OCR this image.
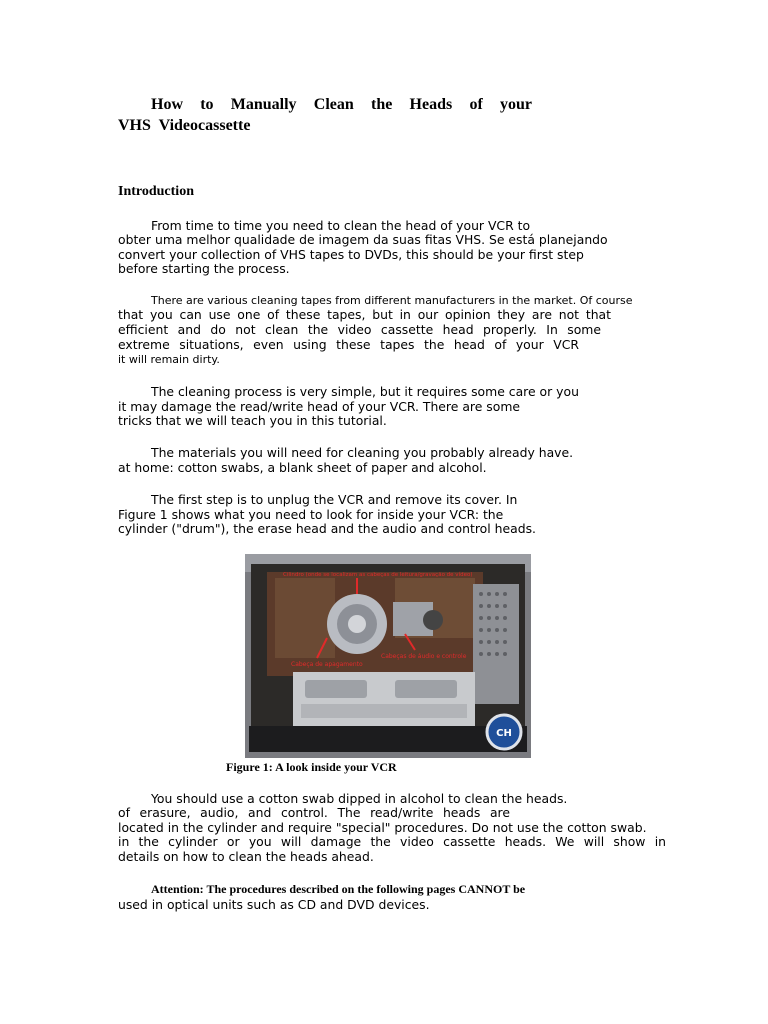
How to Manually Clean the Heads of your
VHS  Videocassette
Introduction
From time to time you need to clean the head of your VCR to
obter uma melhor qualidade de imagem da suas fitas VHS. Se está planejando
convert your collection of VHS tapes to DVDs, this should be your first step
before starting the process.
There are various cleaning tapes from different manufacturers in the market. Of course
that you can use one of these tapes, but in our opinion they are not that
efficient and do not clean the video cassette head properly. In some
extreme situations, even using these tapes the head of your VCR
it will remain dirty.
The cleaning process is very simple, but it requires some care or you
it may damage the read/write head of your VCR. There are some
tricks that we will teach you in this tutorial.
The materials you will need for cleaning you probably already have.
at home: cotton swabs, a blank sheet of paper and alcohol.
The first step is to unplug the VCR and remove its cover. In
Figure 1 shows what you need to look for inside your VCR: the
cylinder ("drum"), the erase head and the audio and control heads.
CH
Cilindro (onde se localizam as cabeças de leitura/gravação de vídeo)
Cabeças de áudio e controle
Cabeça de apagamento
Figure 1: A look inside your VCR
You should use a cotton swab dipped in alcohol to clean the heads.
of erasure, audio, and control. The read/write heads are
located in the cylinder and require "special" procedures. Do not use the cotton swab.
in the cylinder or you will damage the video cassette heads. We will show in
details on how to clean the heads ahead.
Attention: The procedures described on the following pages CANNOT be
used in optical units such as CD and DVD devices.
